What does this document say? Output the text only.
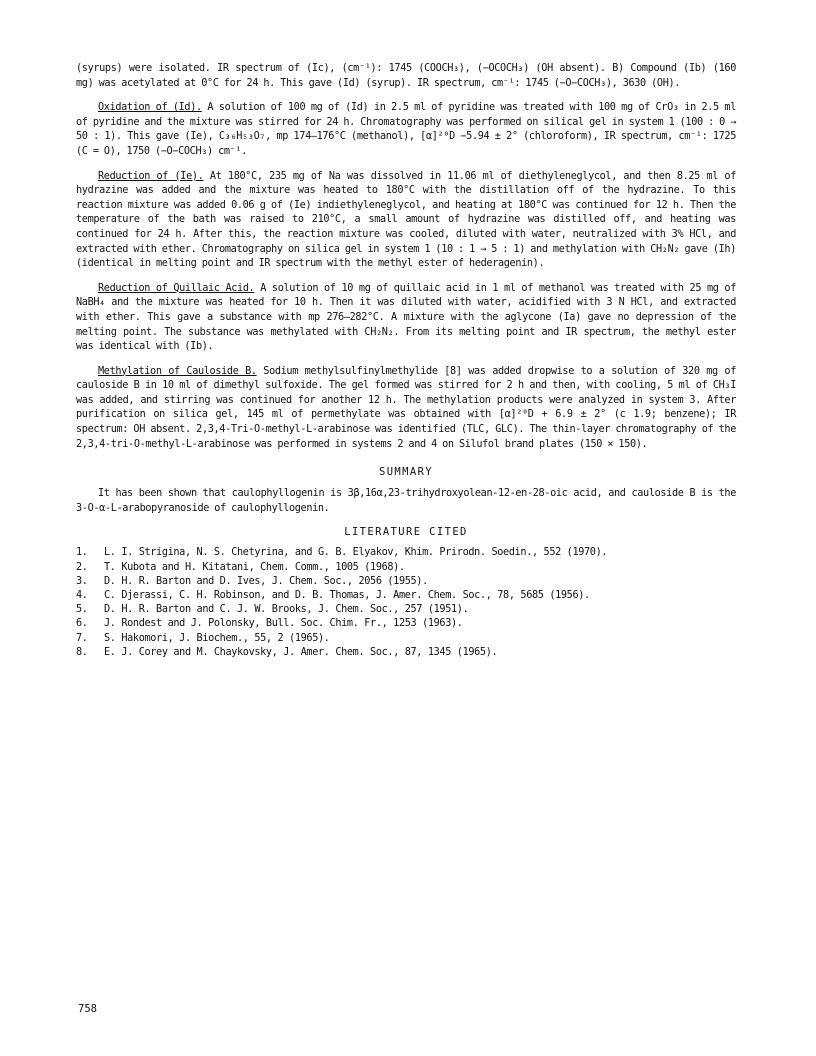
(syrups) were isolated. IR spectrum of (Ic), (cm⁻¹): 1745 (COOCH₃), (−OCOCH₃) (OH absent). B) Compound (Ib) (160 mg) was acetylated at 0°C for 24 h. This gave (Id) (syrup). IR spectrum, cm⁻¹: 1745 (−O−COCH₃), 3630 (OH).

Oxidation of (Id). A solution of 100 mg of (Id) in 2.5 ml of pyridine was treated with 100 mg of CrO₃ in 2.5 ml of pyridine and the mixture was stirred for 24 h. Chromatography was performed on silical gel in system 1 (100 : 0 → 50 : 1). This gave (Ie), C₃₆H₅₃O₇, mp 174–176°C (methanol), [α]²⁰D −5.94 ± 2° (chloroform), IR spectrum, cm⁻¹: 1725 (C = O), 1750 (−O−COCH₃) cm⁻¹.

Reduction of (Ie). At 180°C, 235 mg of Na was dissolved in 11.06 ml of diethyleneglycol, and then 8.25 ml of hydrazine was added and the mixture was heated to 180°C with the distillation off of the hydrazine. To this reaction mixture was added 0.06 g of (Ie) indiethyleneglycol, and heating at 180°C was continued for 12 h. Then the temperature of the bath was raised to 210°C, a small amount of hydrazine was distilled off, and heating was continued for 24 h. After this, the reaction mixture was cooled, diluted with water, neutralized with 3% HCl, and extracted with ether. Chromatography on silica gel in system 1 (10 : 1 → 5 : 1) and methylation with CH₂N₂ gave (Ih) (identical in melting point and IR spectrum with the methyl ester of hederagenin).

Reduction of Quillaic Acid. A solution of 10 mg of quillaic acid in 1 ml of methanol was treated with 25 mg of NaBH₄ and the mixture was heated for 10 h. Then it was diluted with water, acidified with 3 N HCl, and extracted with ether. This gave a substance with mp 276–282°C. A mixture with the aglycone (Ia) gave no depression of the melting point. The substance was methylated with CH₂N₂. From its melting point and IR spectrum, the methyl ester was identical with (Ib).

Methylation of Cauloside B. Sodium methylsulfinylmethylide [8] was added dropwise to a solution of 320 mg of cauloside B in 10 ml of dimethyl sulfoxide. The gel formed was stirred for 2 h and then, with cooling, 5 ml of CH₃I was added, and stirring was continued for another 12 h. The methylation products were analyzed in system 3. After purification on silica gel, 145 ml of permethylate was obtained with [α]²⁰D + 6.9 ± 2° (c 1.9; benzene); IR spectrum: OH absent. 2,3,4-Tri-O-methyl-L-arabinose was identified (TLC, GLC). The thin-layer chromatography of the 2,3,4-tri-O-methyl-L-arabinose was performed in systems 2 and 4 on Silufol brand plates (150 × 150).

SUMMARY

It has been shown that caulophyllogenin is 3β,16α,23-trihydroxyolean-12-en-28-oic acid, and cauloside B is the 3-O-α-L-arabopyranoside of caulophyllogenin.

LITERATURE CITED
1.	L. I. Strigina, N. S. Chetyrina, and G. B. Elyakov, Khim. Prirodn. Soedin., 552 (1970).
2.	T. Kubota and H. Kitatani, Chem. Comm., 1005 (1968).
3.	D. H. R. Barton and D. Ives, J. Chem. Soc., 2056 (1955).
4.	C. Djerassi, C. H. Robinson, and D. B. Thomas, J. Amer. Chem. Soc., 78, 5685 (1956).
5.	D. H. R. Barton and C. J. W. Brooks, J. Chem. Soc., 257 (1951).
6.	J. Rondest and J. Polonsky, Bull. Soc. Chim. Fr., 1253 (1963).
7.	S. Hakomori, J. Biochem., 55, 2 (1965).
8.	E. J. Corey and M. Chaykovsky, J. Amer. Chem. Soc., 87, 1345 (1965).
758
